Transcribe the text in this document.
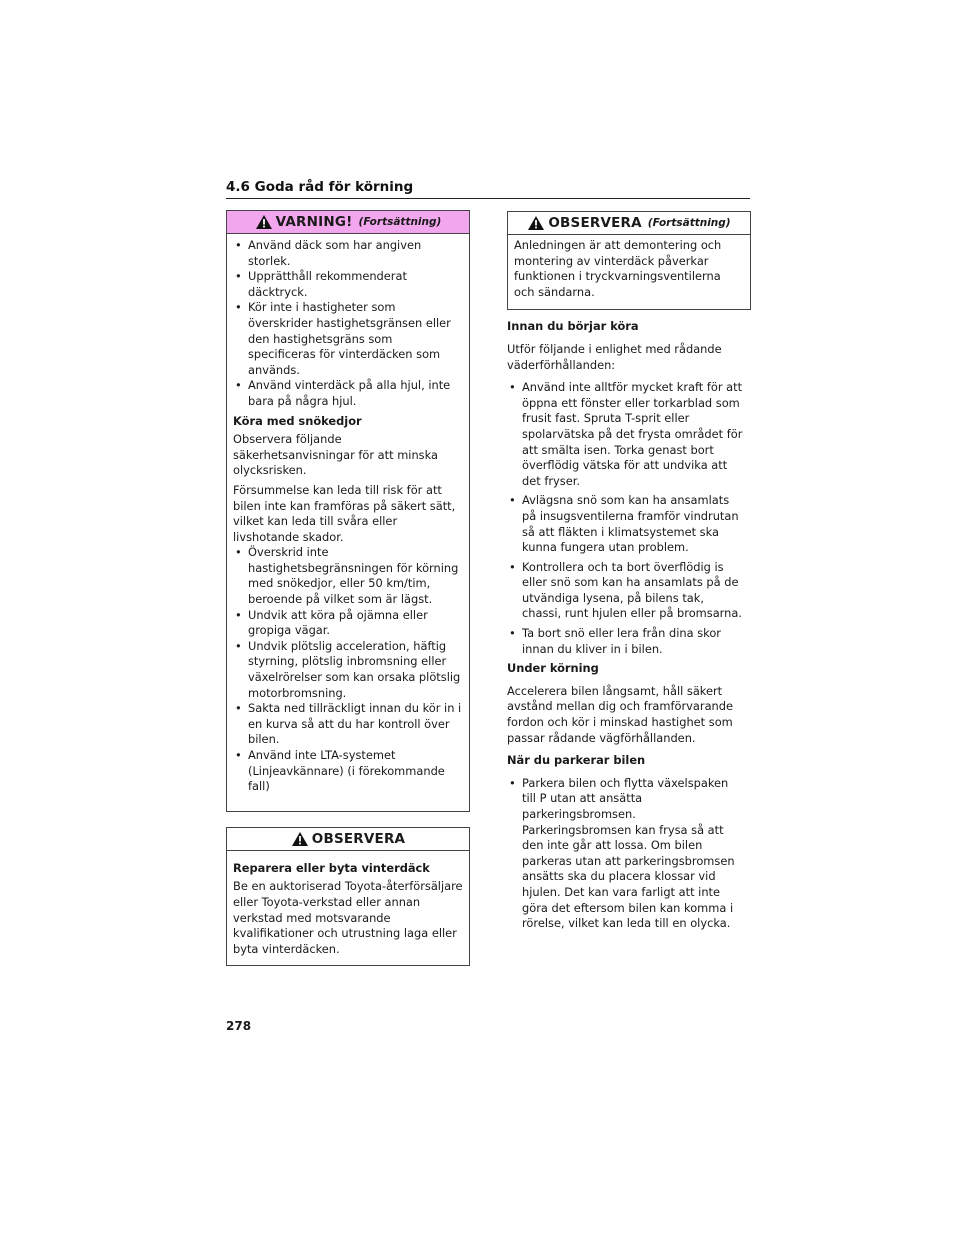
4.6 Goda råd för körning
VARNING! (Fortsättning)
• Använd däck som har angiven storlek.
• Upprätthåll rekommenderat däcktryck.
• Kör inte i hastigheter som överskrider hastighetsgränsen eller den hastighetsgräns som specificeras för vinterdäcken som används.
• Använd vinterdäck på alla hjul, inte bara på några hjul.

Köra med snökedjor

Observera följande säkerhetsanvisningar för att minska olycksrisken.

Försummelse kan leda till risk för att bilen inte kan framföras på säkert sätt, vilket kan leda till svåra eller livshotande skador.

• Överskrid inte hastighetsbegränsningen för körning med snökedjor, eller 50 km/tim, beroende på vilket som är lägst.
• Undvik att köra på ojämna eller gropiga vägar.
• Undvik plötslig acceleration, häftig styrning, plötslig inbromsning eller växelrörelser som kan orsaka plötslig motorbromsning.
• Sakta ned tillräckligt innan du kör in i en kurva så att du har kontroll över bilen.
• Använd inte LTA-systemet (Linjeavkännare) (i förekommande fall)
OBSERVERA

Reparera eller byta vinterdäck

Be en auktoriserad Toyota-återförsäljare eller Toyota-verkstad eller annan verkstad med motsvarande kvalifikationer och utrustning laga eller byta vinterdäcken.

OBSERVERA (Fortsättning)

Anledningen är att demontering och montering av vinterdäck påverkar funktionen i tryckvarningsventilerna och sändarna.

Innan du börjar köra

Utför följande i enlighet med rådande väderförhållanden:

• Använd inte alltför mycket kraft för att öppna ett fönster eller torkarblad som frusit fast. Spruta T-sprit eller spolarvätska på det frysta området för att smälta isen. Torka genast bort överflödig vätska för att undvika att det fryser.
• Avlägsna snö som kan ha ansamlats på insugsventilerna framför vindrutan så att fläkten i klimatsystemet ska kunna fungera utan problem.
• Kontrollera och ta bort överflödig is eller snö som kan ha ansamlats på de utvändiga lysena, på bilens tak, chassi, runt hjulen eller på bromsarna.
• Ta bort snö eller lera från dina skor innan du kliver in i bilen.

Under körning

Accelerera bilen långsamt, håll säkert avstånd mellan dig och framförvarande fordon och kör i minskad hastighet som passar rådande vägförhållanden.

När du parkerar bilen

• Parkera bilen och flytta växelspaken till P utan att ansätta parkeringsbromsen. Parkeringsbromsen kan frysa så att den inte går att lossa. Om bilen parkeras utan att parkeringsbromsen ansätts ska du placera klossar vid hjulen. Det kan vara farligt att inte göra det eftersom bilen kan komma i rörelse, vilket kan leda till en olycka.
278
